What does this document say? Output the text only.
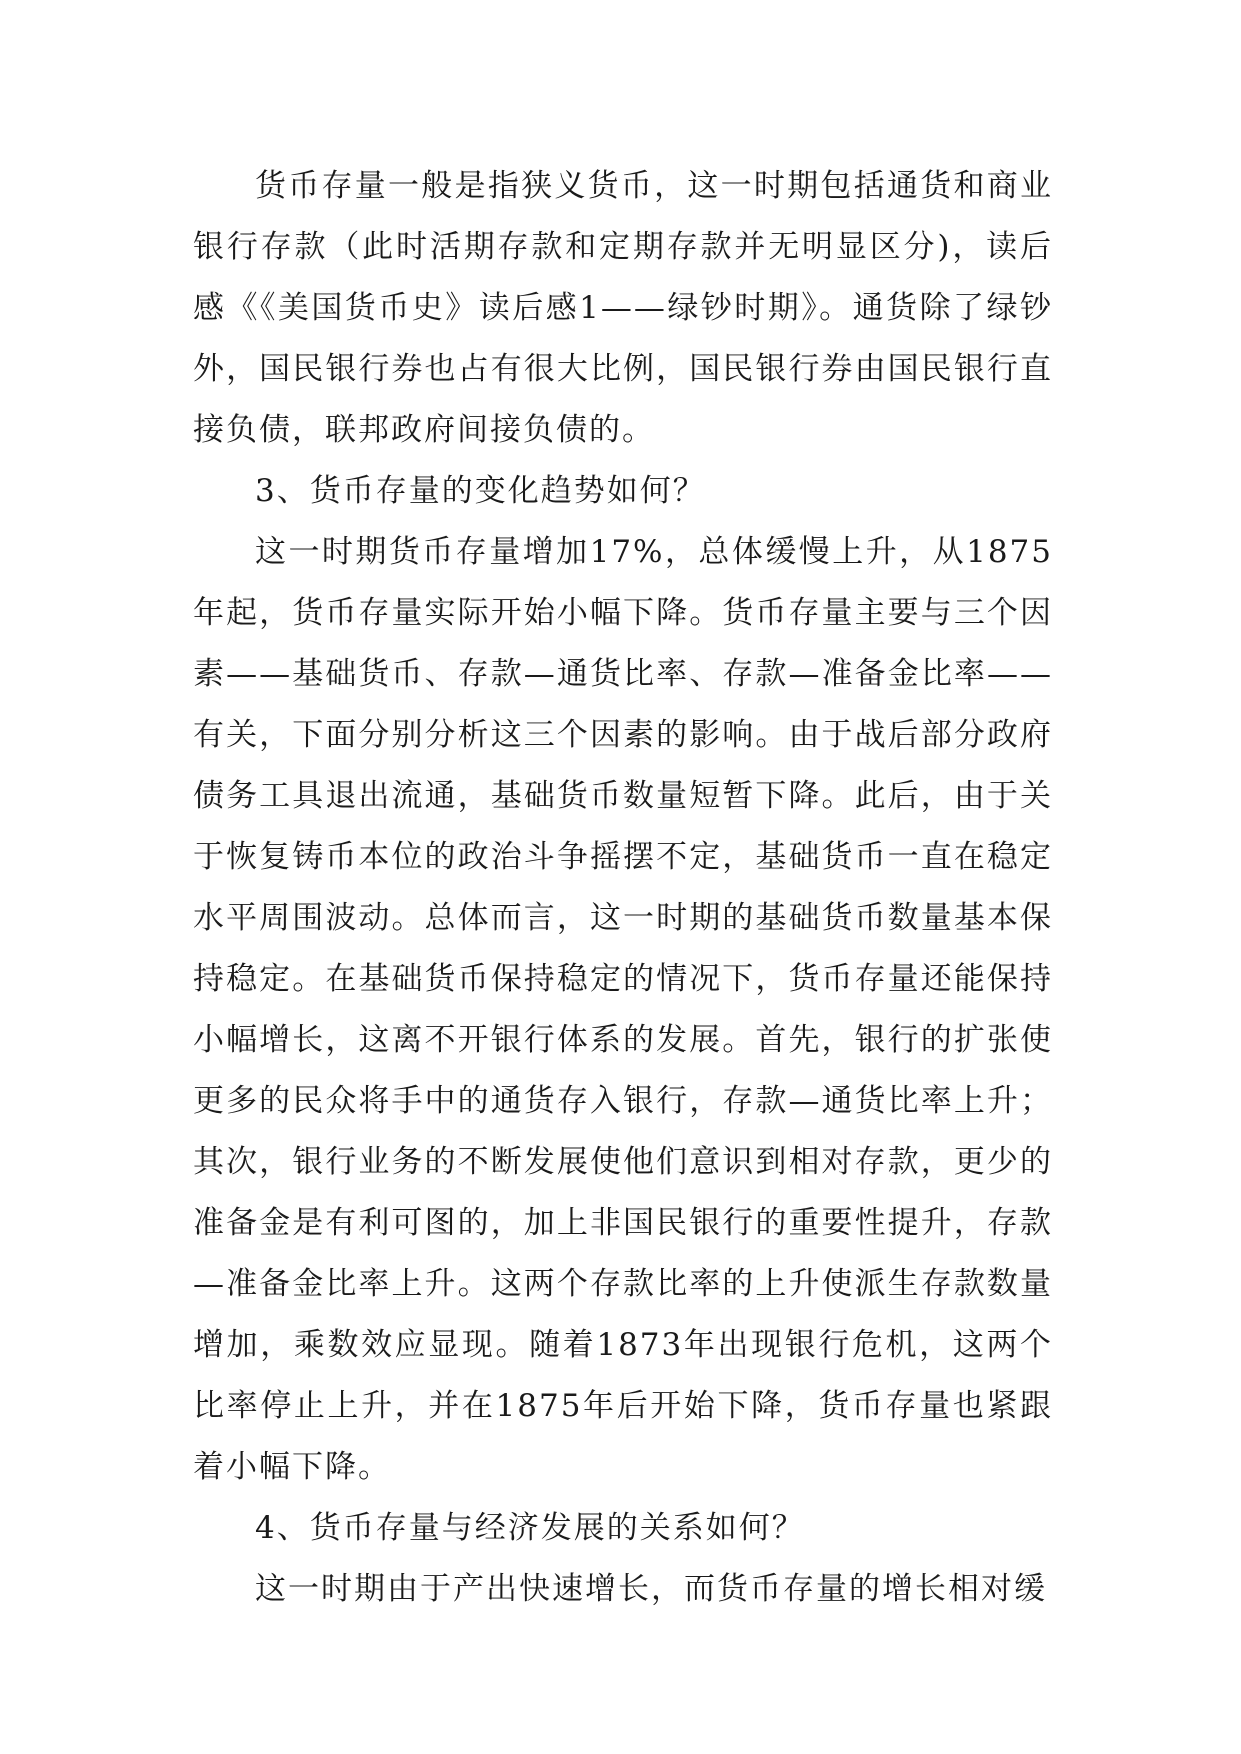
货币存量一般是指狭义货币，这一时期包括通货和商业银行存款（此时活期存款和定期存款并无明显区分)，读后感《《美国货币史》读后感1——绿钞时期》。通货除了绿钞外，国民银行券也占有很大比例，国民银行券由国民银行直接负债，联邦政府间接负债的。

3、货币存量的变化趋势如何？

这一时期货币存量增加17%，总体缓慢上升，从1875年起，货币存量实际开始小幅下降。货币存量主要与三个因素——基础货币、存款—通货比率、存款—准备金比率——有关，下面分别分析这三个因素的影响。由于战后部分政府债务工具退出流通，基础货币数量短暂下降。此后，由于关于恢复铸币本位的政治斗争摇摆不定，基础货币一直在稳定水平周围波动。总体而言，这一时期的基础货币数量基本保持稳定。在基础货币保持稳定的情况下，货币存量还能保持小幅增长，这离不开银行体系的发展。首先，银行的扩张使更多的民众将手中的通货存入银行，存款—通货比率上升；其次，银行业务的不断发展使他们意识到相对存款，更少的准备金是有利可图的，加上非国民银行的重要性提升，存款—准备金比率上升。这两个存款比率的上升使派生存款数量增加，乘数效应显现。随着1873年出现银行危机，这两个比率停止上升，并在1875年后开始下降，货币存量也紧跟着小幅下降。

4、货币存量与经济发展的关系如何？

这一时期由于产出快速增长，而货币存量的增长相对缓
